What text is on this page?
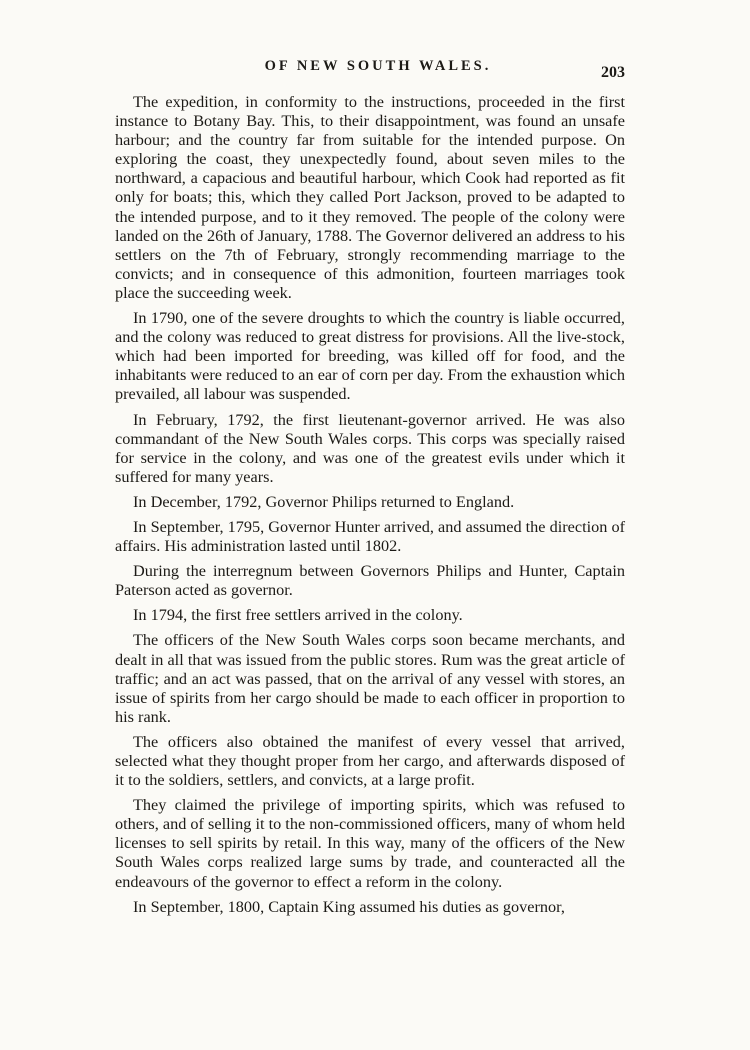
OF NEW SOUTH WALES.	203

The expedition, in conformity to the instructions, proceeded in the first instance to Botany Bay. This, to their disappointment, was found an unsafe harbour; and the country far from suitable for the intended purpose. On exploring the coast, they unexpectedly found, about seven miles to the northward, a capacious and beautiful harbour, which Cook had reported as fit only for boats; this, which they called Port Jackson, proved to be adapted to the intended purpose, and to it they removed. The people of the colony were landed on the 26th of January, 1788. The Governor delivered an address to his settlers on the 7th of February, strongly recommending marriage to the convicts; and in consequence of this admonition, fourteen marriages took place the succeeding week.

In 1790, one of the severe droughts to which the country is liable occurred, and the colony was reduced to great distress for provisions. All the live-stock, which had been imported for breeding, was killed off for food, and the inhabitants were reduced to an ear of corn per day. From the exhaustion which prevailed, all labour was suspended.

In February, 1792, the first lieutenant-governor arrived. He was also commandant of the New South Wales corps. This corps was specially raised for service in the colony, and was one of the greatest evils under which it suffered for many years.

In December, 1792, Governor Philips returned to England.

In September, 1795, Governor Hunter arrived, and assumed the direction of affairs. His administration lasted until 1802.

During the interregnum between Governors Philips and Hunter, Captain Paterson acted as governor.

In 1794, the first free settlers arrived in the colony.

The officers of the New South Wales corps soon became merchants, and dealt in all that was issued from the public stores. Rum was the great article of traffic; and an act was passed, that on the arrival of any vessel with stores, an issue of spirits from her cargo should be made to each officer in proportion to his rank.

The officers also obtained the manifest of every vessel that arrived, selected what they thought proper from her cargo, and afterwards disposed of it to the soldiers, settlers, and convicts, at a large profit.

They claimed the privilege of importing spirits, which was refused to others, and of selling it to the non-commissioned officers, many of whom held licenses to sell spirits by retail. In this way, many of the officers of the New South Wales corps realized large sums by trade, and counteracted all the endeavours of the governor to effect a reform in the colony.

In September, 1800, Captain King assumed his duties as governor,
